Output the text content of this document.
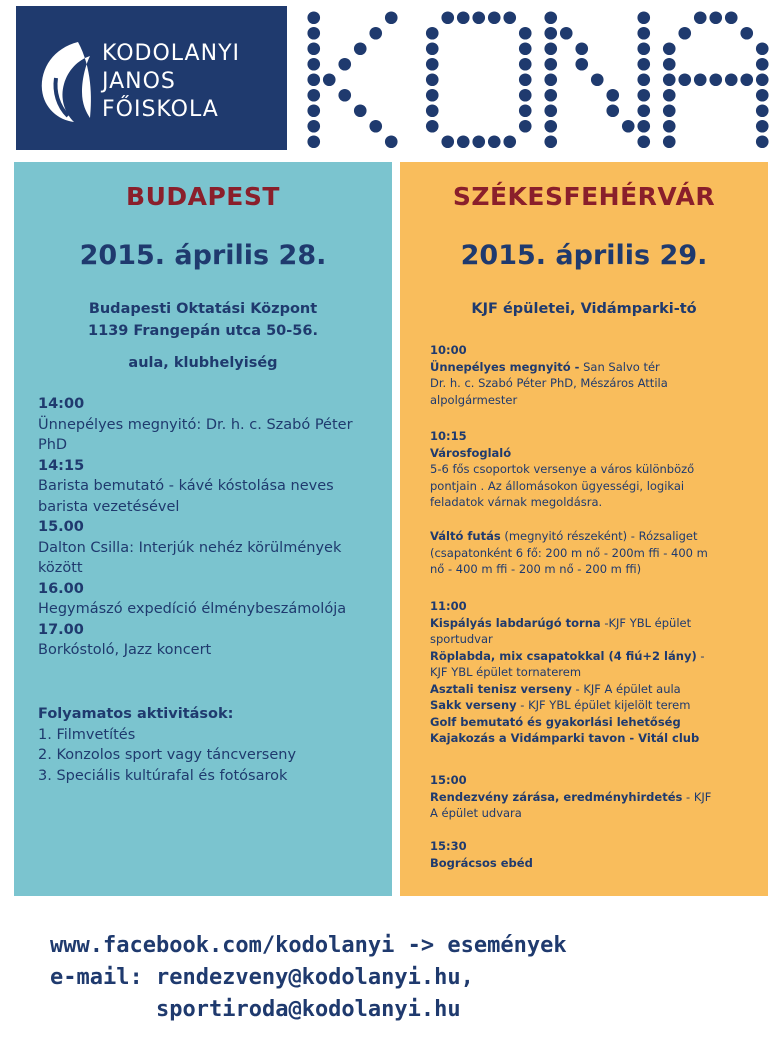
KODOLANYI
JANOS
FŐISKOLA
KONA
BUDAPEST
2015. április 28.
Budapesti Oktatási Központ
1139 Frangepán utca 50-56.
aula, klubhelyiség
14:00
Ünnepélyes megnyitó: Dr. h. c. Szabó Péter PhD
14:15
Barista bemutató - kávé kóstolása neves barista vezetésével
15.00
Dalton Csilla: Interjúk nehéz körülmények között
16.00
Hegymászó expedíció élménybeszámolója
17.00
Borkóstoló, Jazz koncert
Folyamatos aktivitások:
1. Filmvetítés
2. Konzolos sport vagy táncverseny
3. Speciális kultúrafal és fotósarok
SZÉKESFEHÉRVÁR
2015. április 29.
KJF épületei, Vidámparki-tó
10:00
Ünnepélyes megnyitó - San Salvo tér
Dr. h. c. Szabó Péter PhD, Mészáros Attila
alpolgármester
10:15
Városfoglaló
5-6 fős csoportok versenye a város különböző
pontjain . Az állomásokon ügyességi, logikai
feladatok várnak megoldásra.
Váltó futás (megnyitó részeként) - Rózsaliget
(csapatonként 6 fő: 200 m nő - 200m ffi - 400 m
nő - 400 m ffi - 200 m nő - 200 m ffi)
11:00
Kispályás labdarúgó torna -KJF YBL épület
sportudvar
Röplabda, mix csapatokkal (4 fiú+2 lány) -
KJF YBL épület tornaterem
Asztali tenisz verseny - KJF A épület aula
Sakk verseny - KJF YBL épület kijelölt terem
Golf bemutató és gyakorlási lehetőség
Kajakozás a Vidámparki tavon - Vitál club
15:00
Rendezvény zárása, eredményhirdetés - KJF
A épület udvara
15:30
Bográcsos ebéd
www.facebook.com/kodolanyi -> események
e-mail: rendezveny@kodolanyi.hu,
sportiroda@kodolanyi.hu
